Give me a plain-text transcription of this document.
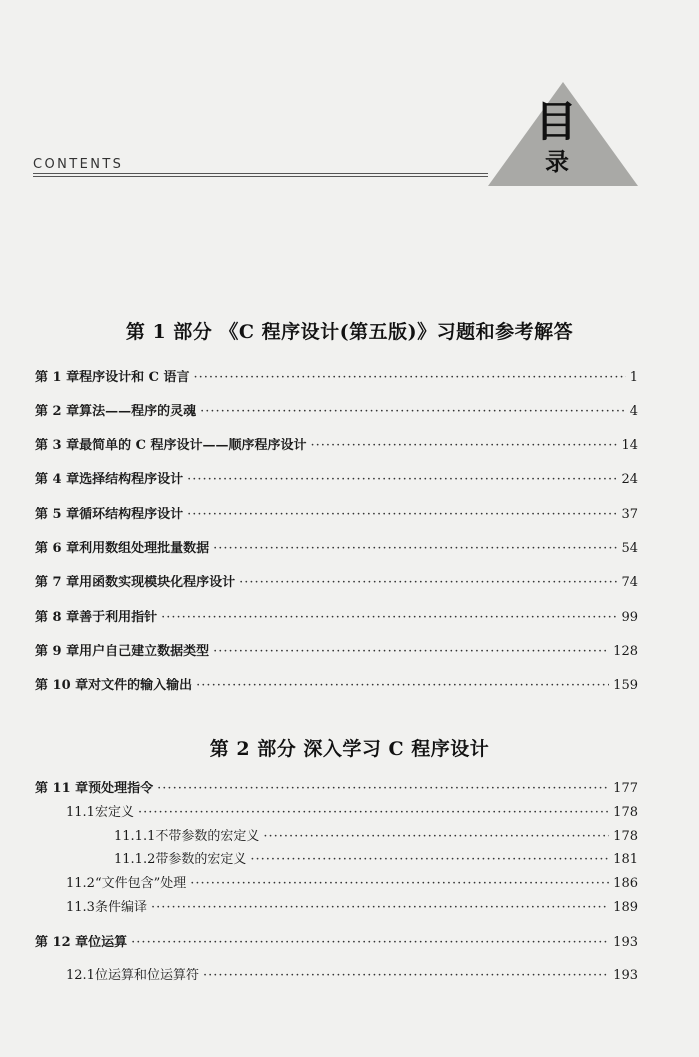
CONTENTS
目
录
第 1 部分 《C 程序设计(第五版)》习题和参考解答
第 2 部分 深入学习 C 程序设计
第 1 章 程序设计和 C 语言 ·····	1
第 2 章 算法——程序的灵魂 ·····	4
第 3 章 最简单的 C 程序设计——顺序程序设计 ·····	14
第 4 章 选择结构程序设计 ·····	24
第 5 章 循环结构程序设计 ·····	37
第 6 章 利用数组处理批量数据 ·····	54
第 7 章 用函数实现模块化程序设计 ·····	74
第 8 章 善于利用指针 ·····	99
第 9 章 用户自己建立数据类型 ·····	128
第 10 章 对文件的输入输出 ·····	159
第 11 章 预处理指令 ·····	177
11.1 宏定义 ·····	178
11.1.1 不带参数的宏定义 ·····	178
11.1.2 带参数的宏定义 ·····	181
11.2 “文件包含”处理 ·····	186
11.3 条件编译 ·····	189
第 12 章 位运算 ·····	193
12.1 位运算和位运算符 ·····	193
